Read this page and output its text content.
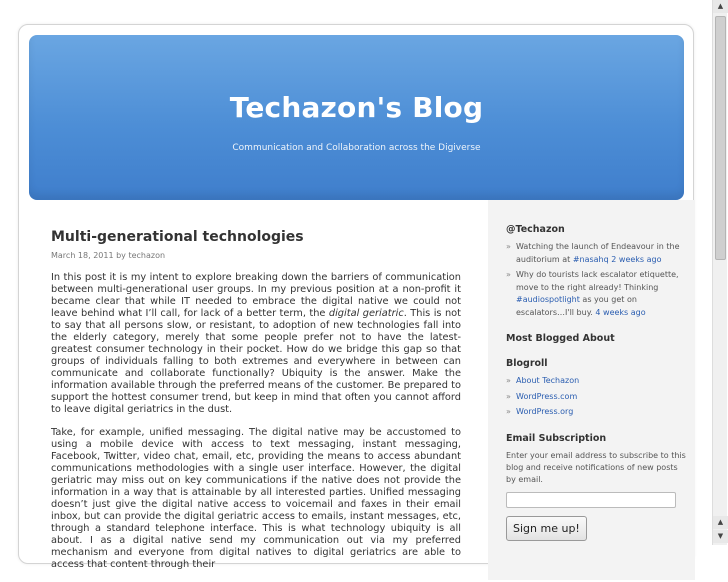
Techazon's Blog
Communication and Collaboration across the Digiverse
Multi-generational technologies
March 18, 2011 by techazon

In this post it is my intent to explore breaking down the barriers of communication between multi-generational user groups. In my previous position at a non-profit it became clear that while IT needed to embrace the digital native we could not leave behind what I’ll call, for lack of a better term, the digital geriatric. This is not to say that all persons slow, or resistant, to adoption of new technologies fall into the elderly category, merely that some people prefer not to have the latest-greatest consumer technology in their pocket. How do we bridge this gap so that groups of individuals falling to both extremes and everywhere in between can communicate and collaborate functionally? Ubiquity is the answer. Make the information available through the preferred means of the customer. Be prepared to support the hottest consumer trend, but keep in mind that often you cannot afford to leave digital geriatrics in the dust.

Take, for example, unified messaging. The digital native may be accustomed to using a mobile device with access to text messaging, instant messaging, Facebook, Twitter, video chat, email, etc, providing the means to access abundant communications methodologies with a single user interface. However, the digital geriatric may miss out on key communications if the native does not provide the information in a way that is attainable by all interested parties. Unified messaging doesn’t just give the digital native access to voicemail and faxes in their email inbox, but can provide the digital geriatric access to emails, instant messages, etc, through a standard telephone interface. This is what technology ubiquity is all about. I as a digital native send my communication out via my preferred mechanism and everyone from digital natives to digital geriatrics are able to access that content through their

@Techazon
» Watching the launch of Endeavour in the auditorium at #nasahq 2 weeks ago
» Why do tourists lack escalator etiquette, move to the right already! Thinking #audiospotlight as you get on escalators…I'll buy. 4 weeks ago
Most Blogged About
Blogroll
» About Techazon
» WordPress.com
» WordPress.org
Email Subscription
Enter your email address to subscribe to this blog and receive notifications of new posts by email.
Sign me up!
▲
▲
▼
